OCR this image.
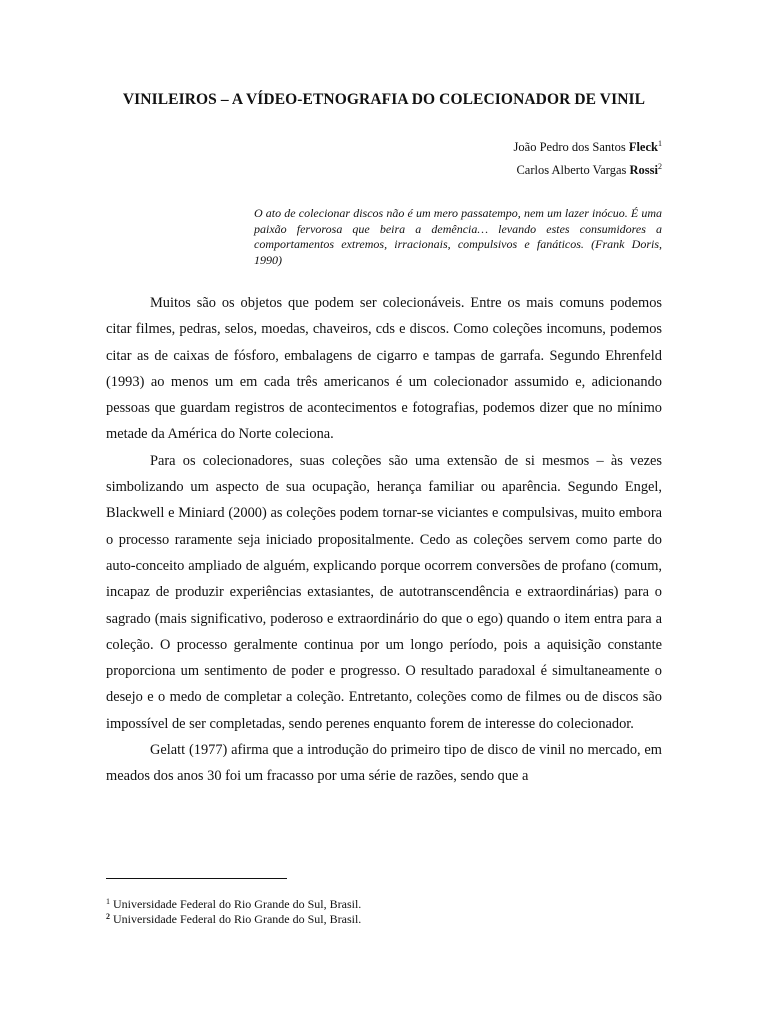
VINILEIROS – A VÍDEO-ETNOGRAFIA DO COLECIONADOR DE VINIL
João Pedro dos Santos Fleck$^1$
Carlos Alberto Vargas Rossi$^2$
O ato de colecionar discos não é um mero passatempo, nem um lazer inócuo. É uma paixão fervorosa que beira a demência… levando estes consumidores a comportamentos extremos, irracionais, compulsivos e fanáticos. (Frank Doris, 1990)

Muitos são os objetos que podem ser colecionáveis. Entre os mais comuns podemos citar filmes, pedras, selos, moedas, chaveiros, cds e discos. Como coleções incomuns, podemos citar as de caixas de fósforo, embalagens de cigarro e tampas de garrafa. Segundo Ehrenfeld (1993) ao menos um em cada três americanos é um colecionador assumido e, adicionando pessoas que guardam registros de acontecimentos e fotografias, podemos dizer que no mínimo metade da América do Norte coleciona.

Para os colecionadores, suas coleções são uma extensão de si mesmos – às vezes simbolizando um aspecto de sua ocupação, herança familiar ou aparência. Segundo Engel, Blackwell e Miniard (2000) as coleções podem tornar-se viciantes e compulsivas, muito embora o processo raramente seja iniciado propositalmente. Cedo as coleções servem como parte do auto-conceito ampliado de alguém, explicando porque ocorrem conversões de profano (comum, incapaz de produzir experiências extasiantes, de autotranscendência e extraordinárias) para o sagrado (mais significativo, poderoso e extraordinário do que o ego) quando o item entra para a coleção. O processo geralmente continua por um longo período, pois a aquisição constante proporciona um sentimento de poder e progresso. O resultado paradoxal é simultaneamente o desejo e o medo de completar a coleção. Entretanto, coleções como de filmes ou de discos são impossível de ser completadas, sendo perenes enquanto forem de interesse do colecionador.

Gelatt (1977) afirma que a introdução do primeiro tipo de disco de vinil no mercado, em meados dos anos 30 foi um fracasso por uma série de razões, sendo que a

$^1$ Universidade Federal do Rio Grande do Sul, Brasil.
$^2$ Universidade Federal do Rio Grande do Sul, Brasil.
